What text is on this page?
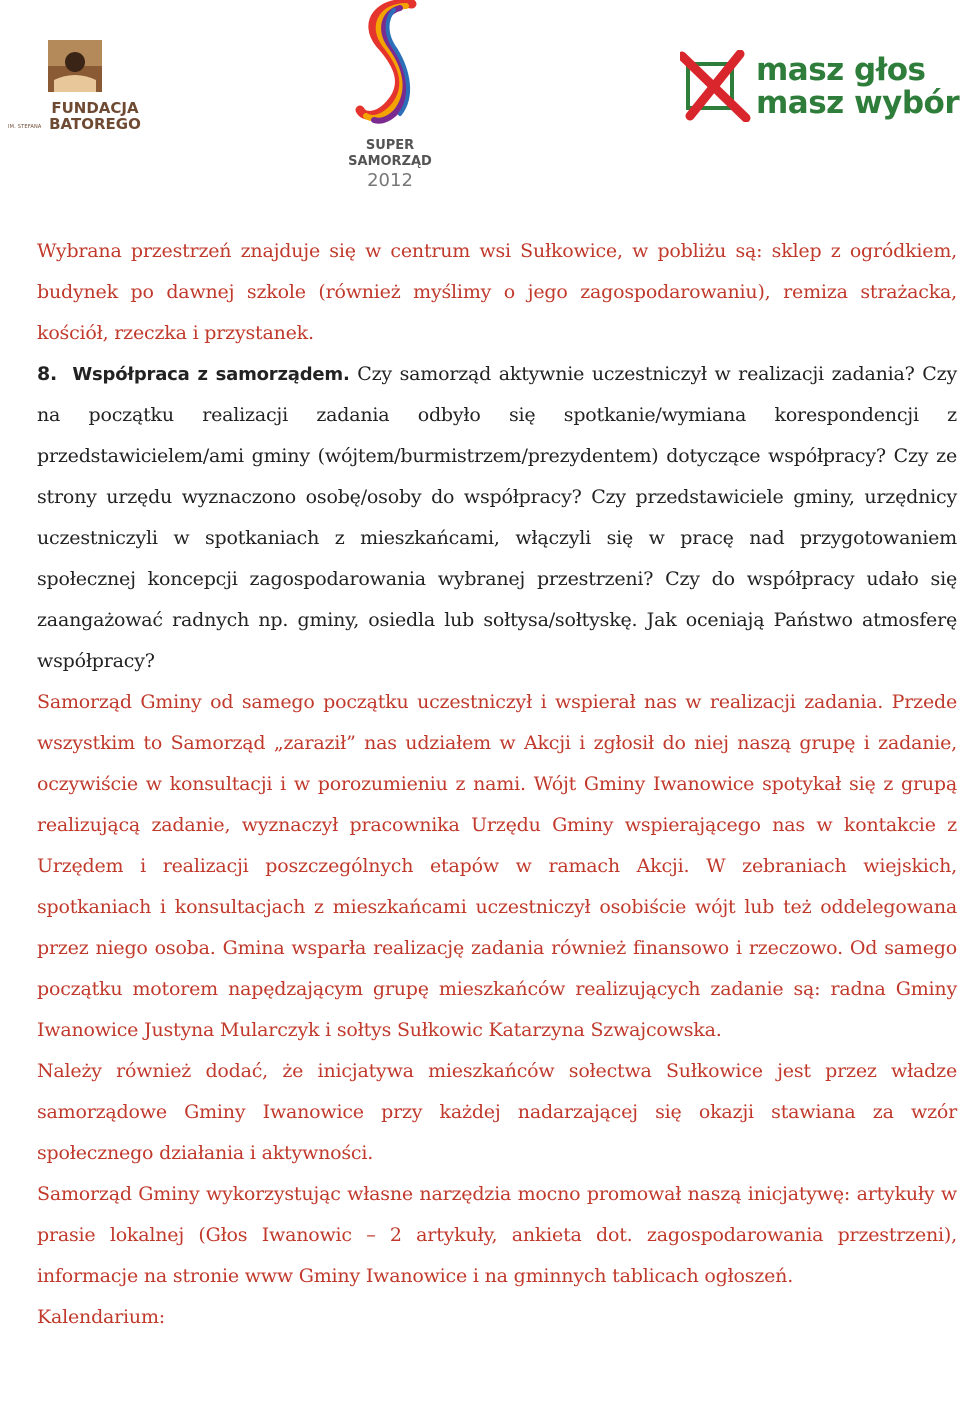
FUNDACJA
BATOREGO
IM. STEFANA
SUPER
SAMORZĄD
2012
masz głos
masz wybór

Wybrana przestrzeń znajduje się w centrum wsi Sułkowice, w pobliżu są: sklep z ogródkiem, budynek po dawnej szkole (również myślimy o jego zagospodarowaniu), remiza strażacka, kościół, rzeczka i przystanek.

8. Współpraca z samorządem. Czy samorząd aktywnie uczestniczył w realizacji zadania? Czy na początku realizacji zadania odbyło się spotkanie/wymiana korespondencji z przedstawicielem/ami gminy (wójtem/burmistrzem/prezydentem) dotyczące współpracy? Czy ze strony urzędu wyznaczono osobę/osoby do współpracy? Czy przedstawiciele gminy, urzędnicy uczestniczyli w spotkaniach z mieszkańcami, włączyli się w pracę nad przygotowaniem społecznej koncepcji zagospodarowania wybranej przestrzeni? Czy do współpracy udało się zaangażować radnych np. gminy, osiedla lub sołtysa/sołtyskę. Jak oceniają Państwo atmosferę współpracy?

Samorząd Gminy od samego początku uczestniczył i wspierał nas w realizacji zadania. Przede wszystkim to Samorząd „zaraził” nas udziałem w Akcji i zgłosił do niej naszą grupę i zadanie, oczywiście w konsultacji i w porozumieniu z nami. Wójt Gminy Iwanowice spotykał się z grupą realizującą zadanie, wyznaczył pracownika Urzędu Gminy wspierającego nas w kontakcie z Urzędem i realizacji poszczególnych etapów w ramach Akcji. W zebraniach wiejskich, spotkaniach i konsultacjach z mieszkańcami uczestniczył osobiście wójt lub też oddelegowana przez niego osoba. Gmina wsparła realizację zadania również finansowo i rzeczowo. Od samego początku motorem napędzającym grupę mieszkańców realizujących zadanie są: radna Gminy Iwanowice Justyna Mularczyk i sołtys Sułkowic Katarzyna Szwajcowska.

Należy również dodać, że inicjatywa mieszkańców sołectwa Sułkowice jest przez władze samorządowe Gminy Iwanowice przy każdej nadarzającej się okazji stawiana za wzór społecznego działania i aktywności.

Samorząd Gminy wykorzystując własne narzędzia mocno promował naszą inicjatywę: artykuły w prasie lokalnej (Głos Iwanowic – 2 artykuły, ankieta dot. zagospodarowania przestrzeni), informacje na stronie www Gminy Iwanowice i na gminnych tablicach ogłoszeń.

Kalendarium:
